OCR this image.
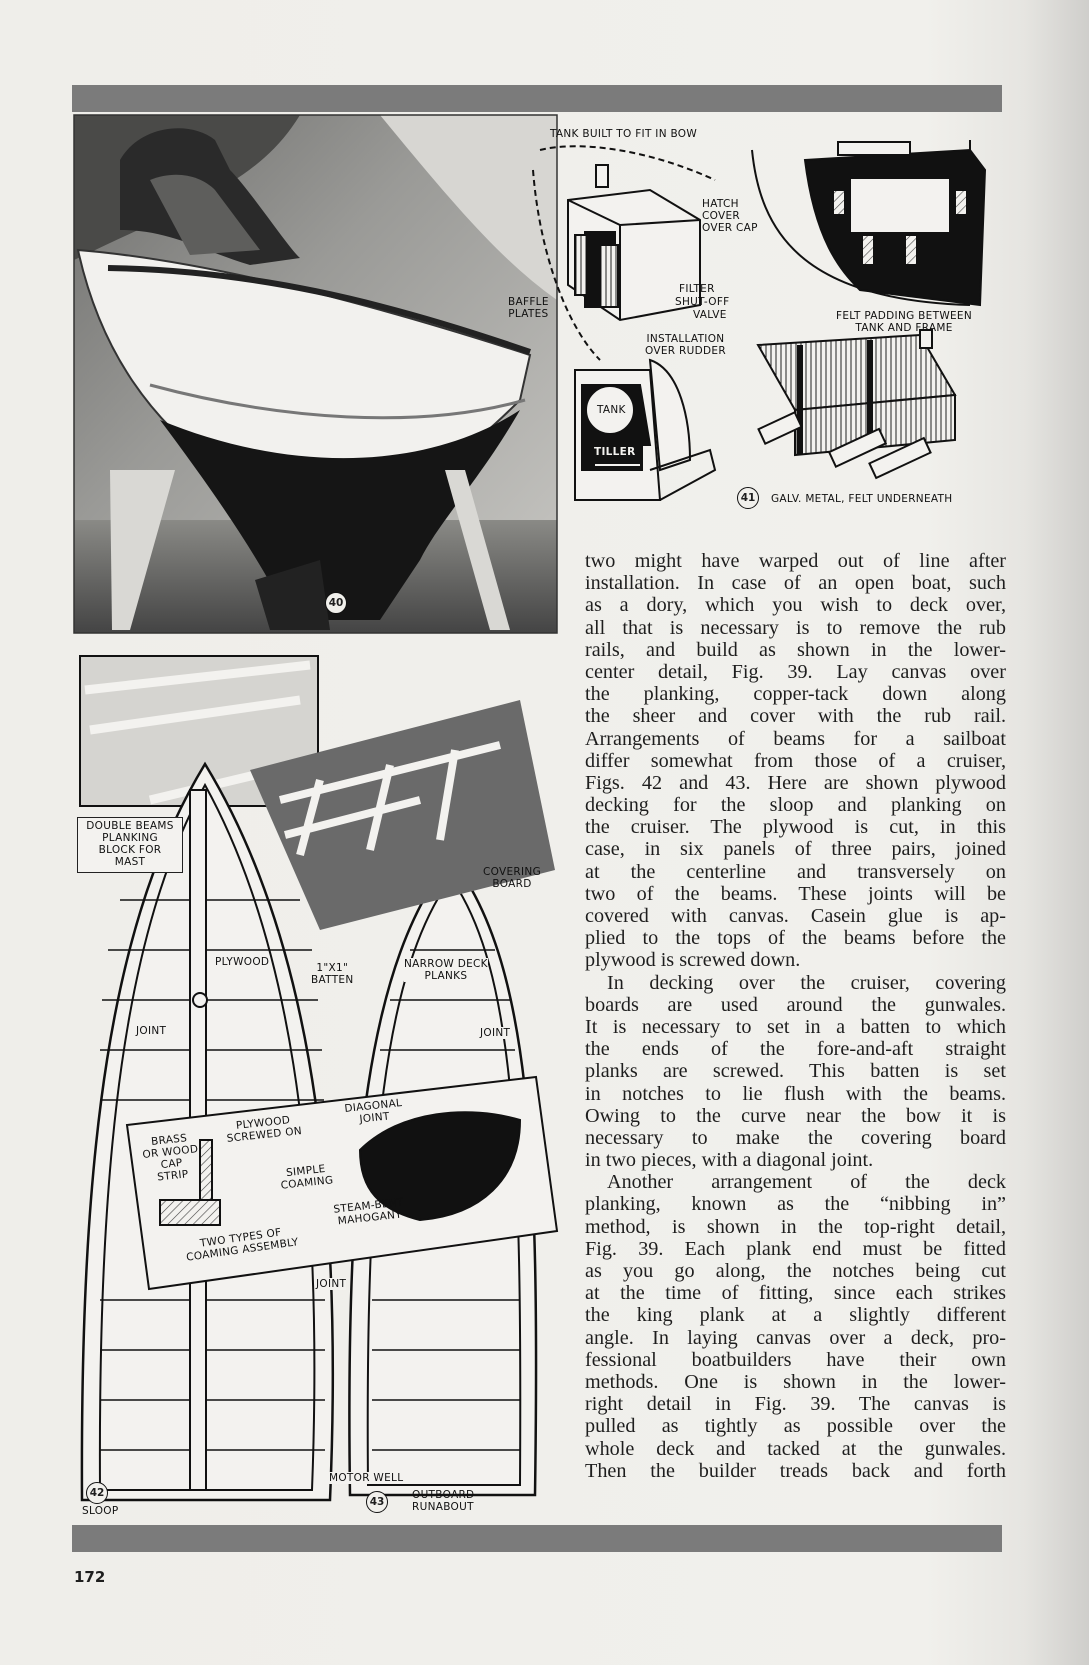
40
TANK BUILT TO FIT IN BOW
HATCH
COVER
OVER CAP
FILTER
SHUT-OFF
VALVE
BAFFLE
PLATES
INSTALLATION
OVER RUDDER
FELT PADDING BETWEEN
TANK AND FRAME
TANK
TILLER
41	GALV. METAL, FELT UNDERNEATH
DOUBLE BEAMS
PLANKING
BLOCK FOR
MAST
COVERING
BOARD
PLYWOOD	1"X1"
BATTEN
NARROW DECK
PLANKS
JOINT	JOINT
DIAGONAL
JOINT
BRASS
OR WOOD
CAP
STRIP
PLYWOOD
SCREWED ON
SIMPLE
COAMING
STEAM-BENT
MAHOGANY
TWO TYPES OF
COAMING ASSEMBLY
JOINT
MOTOR WELL
43
OUTBOARD
RUNABOUT
42
SLOOP
two might have warped out of line after
installation. In case of an open boat, such
as a dory, which you wish to deck over,
all that is necessary is to remove the rub
rails, and build as shown in the lower-
center detail, Fig. 39. Lay canvas over
the planking, copper-tack down along
the sheer and cover with the rub rail.
Arrangements of beams for a sailboat
differ somewhat from those of a cruiser,
Figs. 42 and 43. Here are shown plywood
decking for the sloop and planking on
the cruiser. The plywood is cut, in this
case, in six panels of three pairs, joined
at the centerline and transversely on
two of the beams. These joints will be
covered with canvas. Casein glue is ap-
plied to the tops of the beams before the
plywood is screwed down.
In decking over the cruiser, covering
boards are used around the gunwales.
It is necessary to set in a batten to which
the ends of the fore-and-aft straight
planks are screwed. This batten is set
in notches to lie flush with the beams.
Owing to the curve near the bow it is
necessary to make the covering board
in two pieces, with a diagonal joint.
Another arrangement of the deck
planking, known as the “nibbing in”
method, is shown in the top-right detail,
Fig. 39. Each plank end must be fitted
as you go along, the notches being cut
at the time of fitting, since each strikes
the king plank at a slightly different
angle. In laying canvas over a deck, pro-
fessional boatbuilders have their own
methods. One is shown in the lower-
right detail in Fig. 39. The canvas is
pulled as tightly as possible over the
whole deck and tacked at the gunwales.
Then the builder treads back and forth
172
